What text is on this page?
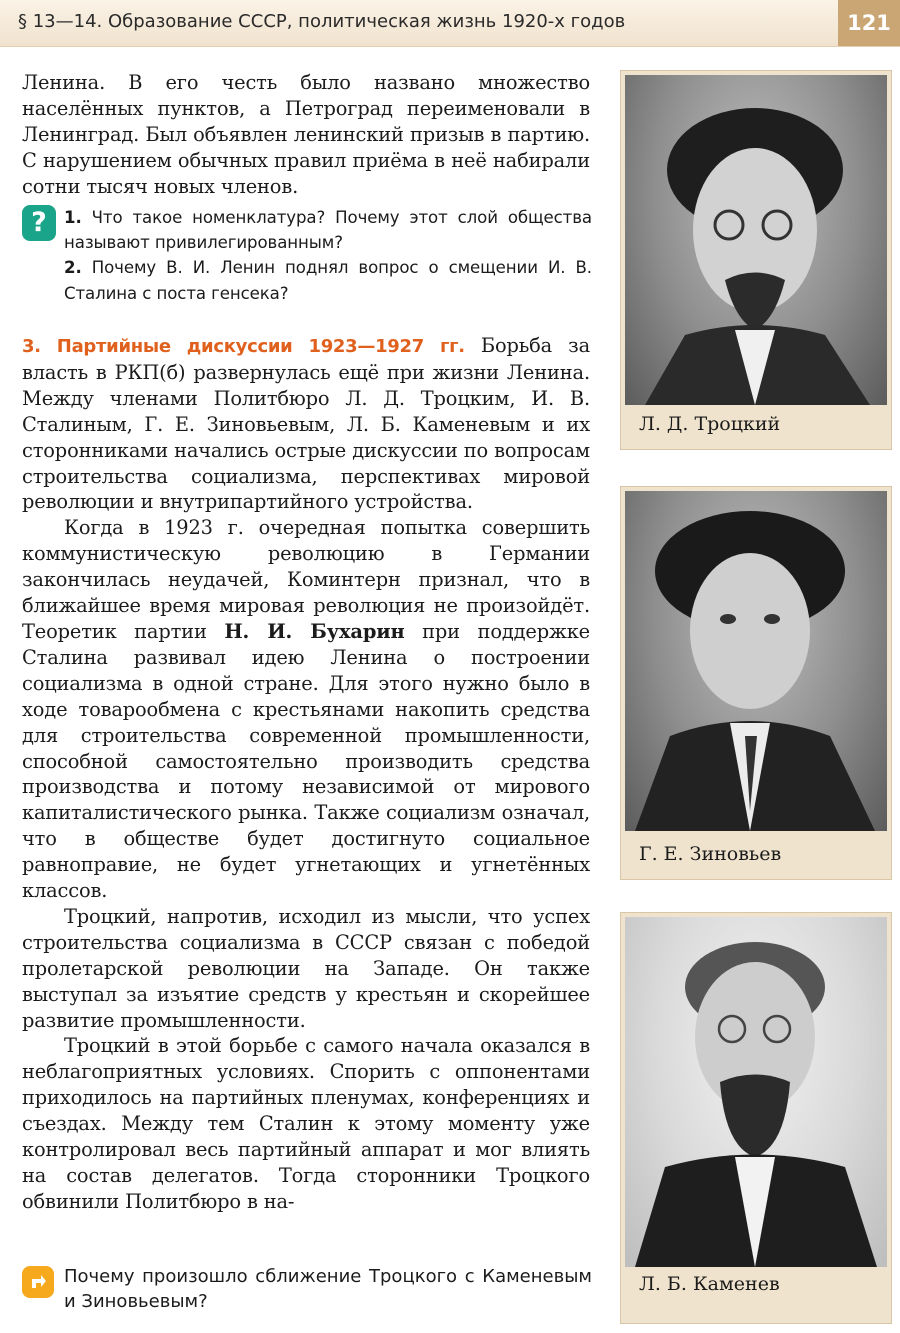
§ 13—14. Образование СССР, политическая жизнь 1920-х годов	121

Ленина. В его честь было названо множество населённых пунктов, а Петроград переименовали в Ленинград. Был объявлен ленинский призыв в партию. С нарушением обычных правил приёма в неё набирали сотни тысяч новых членов.

?	1. Что такое номенклатура? Почему этот слой общества называют привилегированным?
2. Почему В. И. Ленин поднял вопрос о смещении И. В. Сталина с поста генсека?

3. Партийные дискуссии 1923—1927 гг. Борьба за власть в РКП(б) развернулась ещё при жизни Ленина. Между членами Политбюро Л. Д. Троцким, И. В. Сталиным, Г. Е. Зиновьевым, Л. Б. Каменевым и их сторонниками начались острые дискуссии по вопросам строительства социализма, перспективах мировой революции и внутрипартийного устройства.

Когда в 1923 г. очередная попытка совершить коммунистическую революцию в Германии закончилась неудачей, Коминтерн признал, что в ближайшее время мировая революция не произойдёт. Теоретик партии Н. И. Бухарин при поддержке Сталина развивал идею Ленина о построении социализма в одной стране. Для этого нужно было в ходе товарообмена с крестьянами накопить средства для строительства современной промышленности, способной самостоятельно производить средства производства и потому независимой от мирового капиталистического рынка. Также социализм означал, что в обществе будет достигнуто социальное равноправие, не будет угнетающих и угнетённых классов.

Троцкий, напротив, исходил из мысли, что успех строительства социализма в СССР связан с победой пролетарской революции на Западе. Он также выступал за изъятие средств у крестьян и скорейшее развитие промышленности.

Троцкий в этой борьбе с самого начала оказался в неблагоприятных условиях. Спорить с оппонентами приходилось на партийных пленумах, конференциях и съездах. Между тем Сталин к этому моменту уже контролировал весь партийный аппарат и мог влиять на состав делегатов. Тогда сторонники Троцкого обвинили Политбюро в на-

Почему произошло сближение Троцкого с Каменевым и Зиновьевым?
Л. Д. Троцкий
Г. Е. Зиновьев
Л. Б. Каменев
